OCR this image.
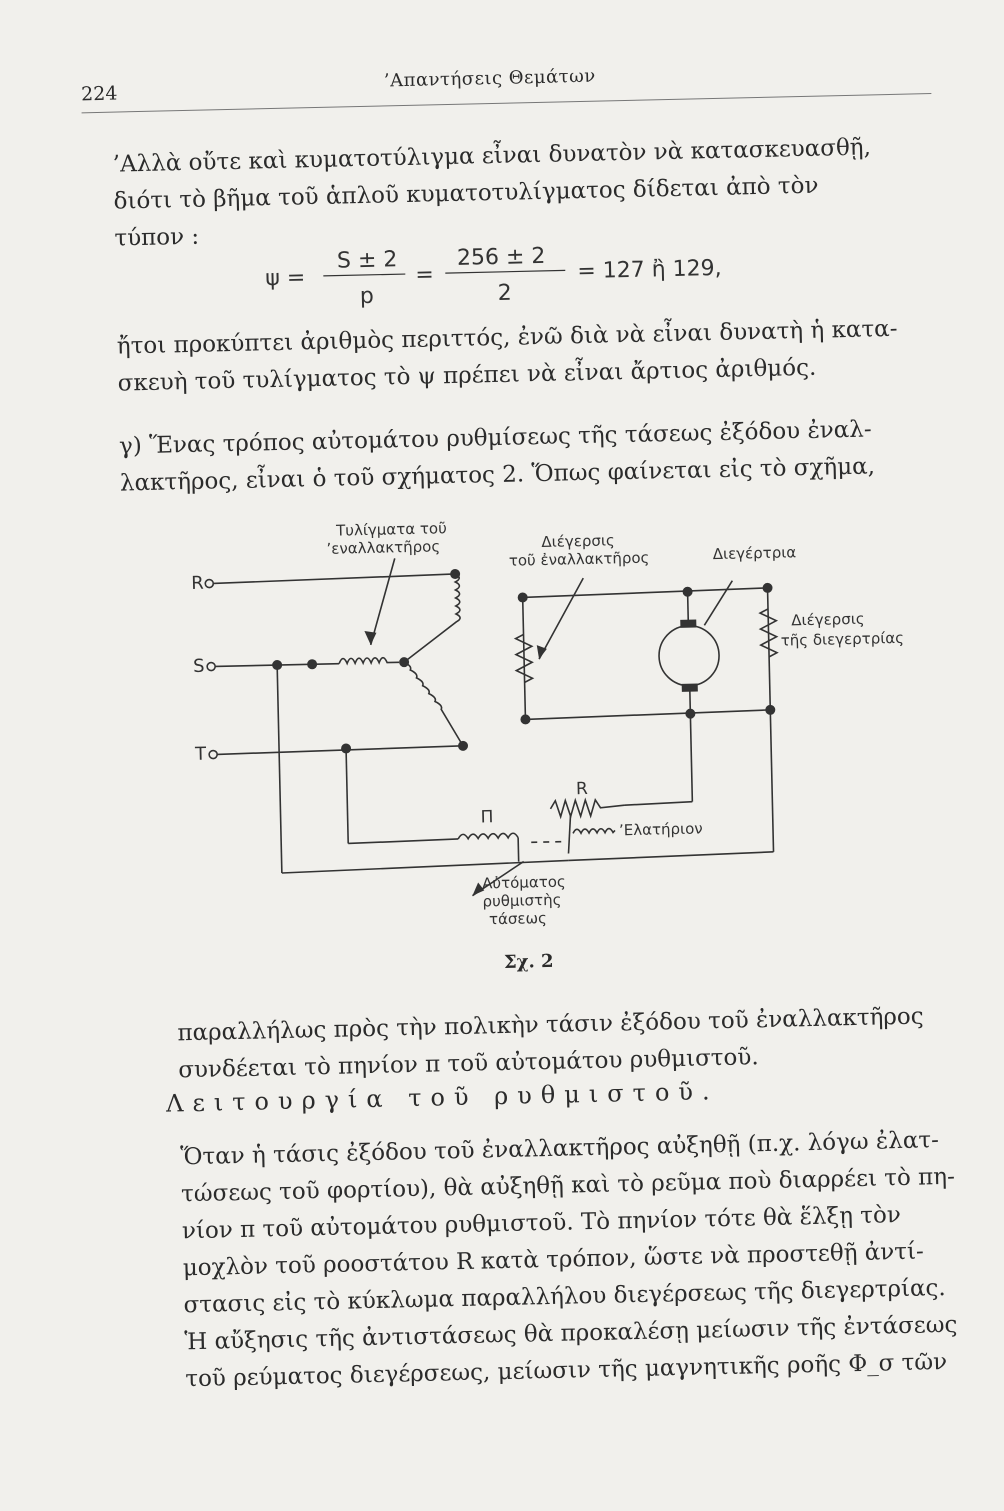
224
’Απαντήσεις Θεμάτων

’Αλλὰ οὔτε καὶ κυματοτύλιγμα εἶναι δυνατὸν νὰ κατασκευασθῇ,

διότι τὸ βῆμα τοῦ ἁπλοῦ κυματοτυλίγματος δίδεται ἀπὸ τὸν

τύπον :

ψ =
S ± 2
p
=
256 ± 2
2
= 127 ἢ 129,

ἤτοι προκύπτει ἀριθμὸς περιττός, ἐνῶ διὰ νὰ εἶναι δυνατὴ ἡ κατα-

σκευὴ τοῦ τυλίγματος τὸ ψ πρέπει νὰ εἶναι ἄρτιος ἀριθμός.

γ) Ἕνας τρόπος αὐτομάτου ρυθμίσεως τῆς τάσεως ἐξόδου ἐναλ-

λακτῆρος, εἶναι ὁ τοῦ σχήματος 2. Ὅπως φαίνεται εἰς τὸ σχῆμα,

Τυλίγματα τοῦ
’εναλλακτῆρος	Διέγερσις
τοῦ ἐναλλακτῆρος	Διεγέρτρια
Διέγερσις
τῆς διεγερτρίας
R
S
T
R
Π
’Ελατήριον
Αὐτόματος
ρυθμιστὴς
τάσεως
Σχ. 2

παραλλήλως πρὸς τὴν πολικὴν τάσιν ἐξόδου τοῦ ἐναλλακτῆρος

συνδέεται τὸ πηνίον π τοῦ αὐτομάτου ρυθμιστοῦ.

Λειτουργία τοῦ ρυθμιστοῦ.

Ὅταν ἡ τάσις ἐξόδου τοῦ ἐναλλακτῆρος αὐξηθῇ (π.χ. λόγω ἐλατ-

τώσεως τοῦ φορτίου), θὰ αὐξηθῇ καὶ τὸ ρεῦμα ποὺ διαρρέει τὸ πη-

νίον π τοῦ αὐτομάτου ρυθμιστοῦ. Τὸ πηνίον τότε θὰ ἕλξῃ τὸν

μοχλὸν τοῦ ροοστάτου R κατὰ τρόπον, ὥστε νὰ προστεθῇ ἀντί-

στασις εἰς τὸ κύκλωμα παραλλήλου διεγέρσεως τῆς διεγερτρίας.

Ἡ αὔξησις τῆς ἀντιστάσεως θὰ προκαλέσῃ μείωσιν τῆς ἐντάσεως

τοῦ ρεύματος διεγέρσεως, μείωσιν τῆς μαγνητικῆς ροῆς Φ_σ τῶν
